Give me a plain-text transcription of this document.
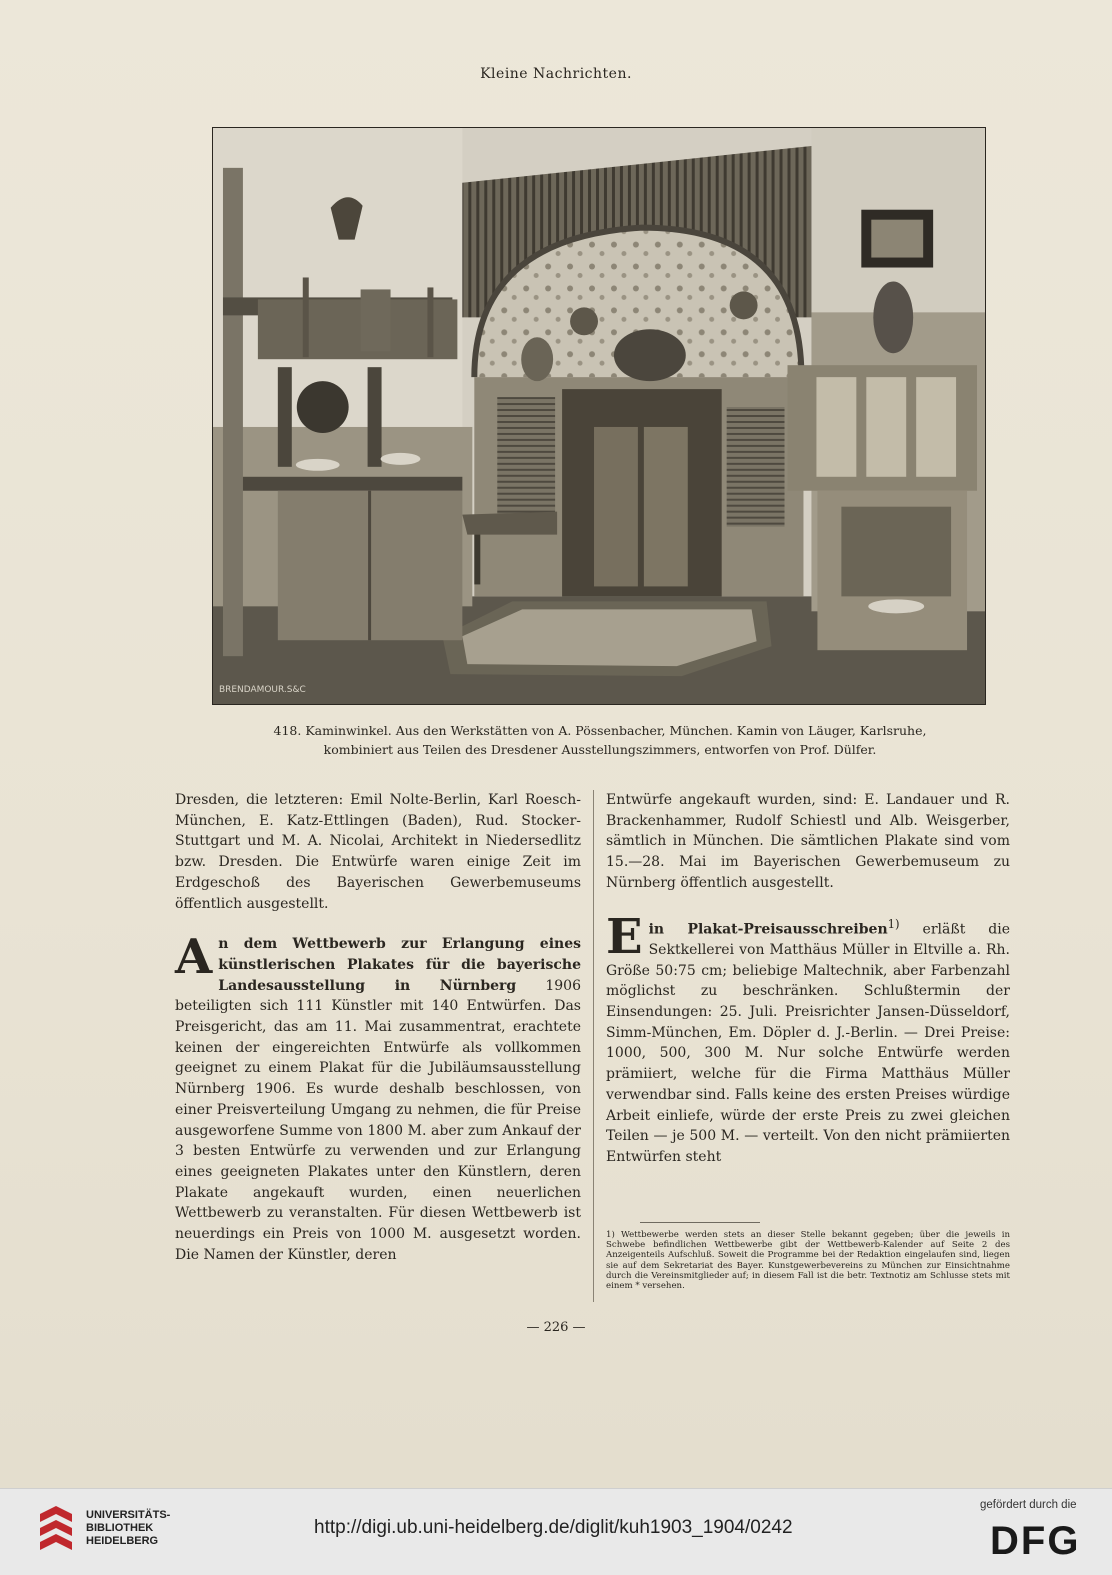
Kleine Nachrichten.
BRENDAMOUR.S&C
418. Kaminwinkel. Aus den Werkstätten von A. Pössenbacher, München. Kamin von Läuger, Karlsruhe,
kombiniert aus Teilen des Dresdener Ausstellungszimmers, entworfen von Prof. Dülfer.

Dresden, die letzteren: Emil Nolte-Berlin, Karl Roesch-München, E. Katz-Ettlingen (Baden), Rud. Stocker-Stuttgart und M. A. Nicolai, Architekt in Niedersedlitz bzw. Dresden. Die Entwürfe waren einige Zeit im Erdgeschoß des Bayerischen Gewerbemuseums öffentlich ausgestellt.

An dem Wettbewerb zur Erlangung eines künstlerischen Plakates für die bayerische Landesausstellung in Nürnberg 1906 beteiligten sich 111 Künstler mit 140 Entwürfen. Das Preisgericht, das am 11. Mai zusammentrat, erachtete keinen der eingereichten Entwürfe als vollkommen geeignet zu einem Plakat für die Jubiläumsausstellung Nürnberg 1906. Es wurde deshalb beschlossen, von einer Preisverteilung Umgang zu nehmen, die für Preise ausgeworfene Summe von 1800 M. aber zum Ankauf der 3 besten Entwürfe zu verwenden und zur Erlangung eines geeigneten Plakates unter den Künstlern, deren Plakate angekauft wurden, einen neuerlichen Wettbewerb zu veranstalten. Für diesen Wettbewerb ist neuerdings ein Preis von 1000 M. ausgesetzt worden. Die Namen der Künstler, deren

Entwürfe angekauft wurden, sind: E. Landauer und R. Brackenhammer, Rudolf Schiestl und Alb. Weisgerber, sämtlich in München. Die sämtlichen Plakate sind vom 15.—28. Mai im Bayerischen Gewerbemuseum zu Nürnberg öffentlich ausgestellt.

Ein Plakat-Preisausschreiben$^{1)}$ erläßt die Sektkellerei von Matthäus Müller in Eltville a. Rh. Größe 50:75 cm; beliebige Maltechnik, aber Farbenzahl möglichst zu beschränken. Schlußtermin der Einsendungen: 25. Juli. Preisrichter Jansen-Düsseldorf, Simm-München, Em. Döpler d. J.-Berlin. — Drei Preise: 1000, 500, 300 M. Nur solche Entwürfe werden prämiiert, welche für die Firma Matthäus Müller verwendbar sind. Falls keine des ersten Preises würdige Arbeit einliefe, würde der erste Preis zu zwei gleichen Teilen — je 500 M. — verteilt. Von den nicht prämiierten Entwürfen steht

1) Wettbewerbe werden stets an dieser Stelle bekannt gegeben; über die jeweils in Schwebe befindlichen Wettbewerbe gibt der Wettbewerb-Kalender auf Seite 2 des Anzeigenteils Aufschluß. Soweit die Programme bei der Redaktion eingelaufen sind, liegen sie auf dem Sekretariat des Bayer. Kunstgewerbevereins zu München zur Einsichtnahme durch die Vereinsmitglieder auf; in diesem Fall ist die betr. Textnotiz am Schlusse stets mit einem * versehen.
— 226 —
UNIVERSITÄTS-
BIBLIOTHEK
HEIDELBERG
http://digi.ub.uni-heidelberg.de/diglit/kuh1903_1904/0242
gefördert durch die
DFG
